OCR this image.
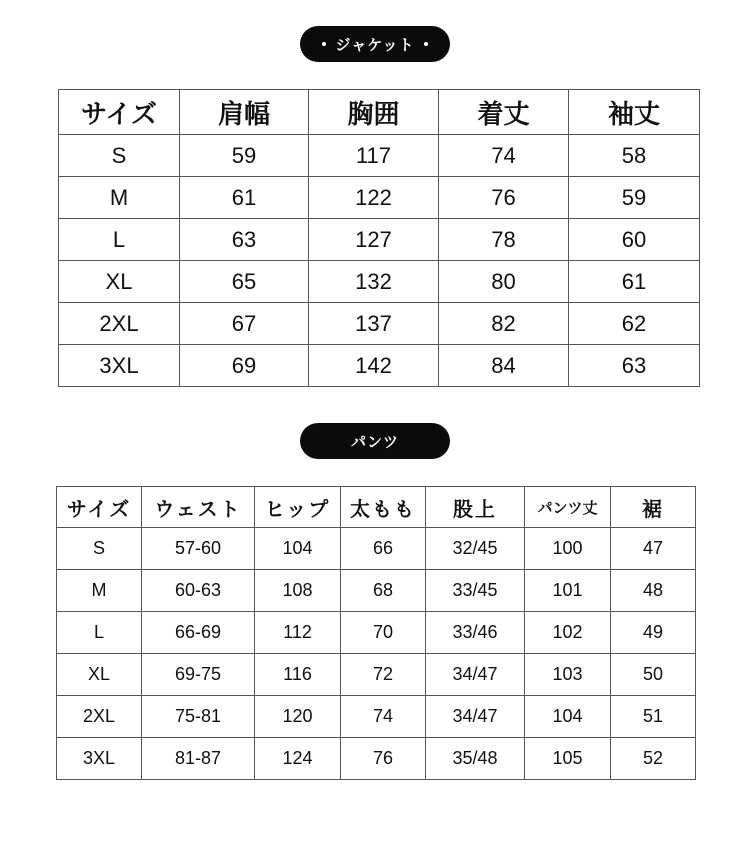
ジャケット
サイズ	肩幅	胸囲	着丈	袖丈
S	59	117	74	58
M	61	122	76	59
L	63	127	78	60
XL	65	132	80	61
2XL	67	137	82	62
3XL	69	142	84	63
パンツ
サイズ	ウェスト	ヒップ	太もも	股上	パンツ丈	裾
S	57-60	104	66	32/45	100	47
M	60-63	108	68	33/45	101	48
L	66-69	112	70	33/46	102	49
XL	69-75	116	72	34/47	103	50
2XL	75-81	120	74	34/47	104	51
3XL	81-87	124	76	35/48	105	52
